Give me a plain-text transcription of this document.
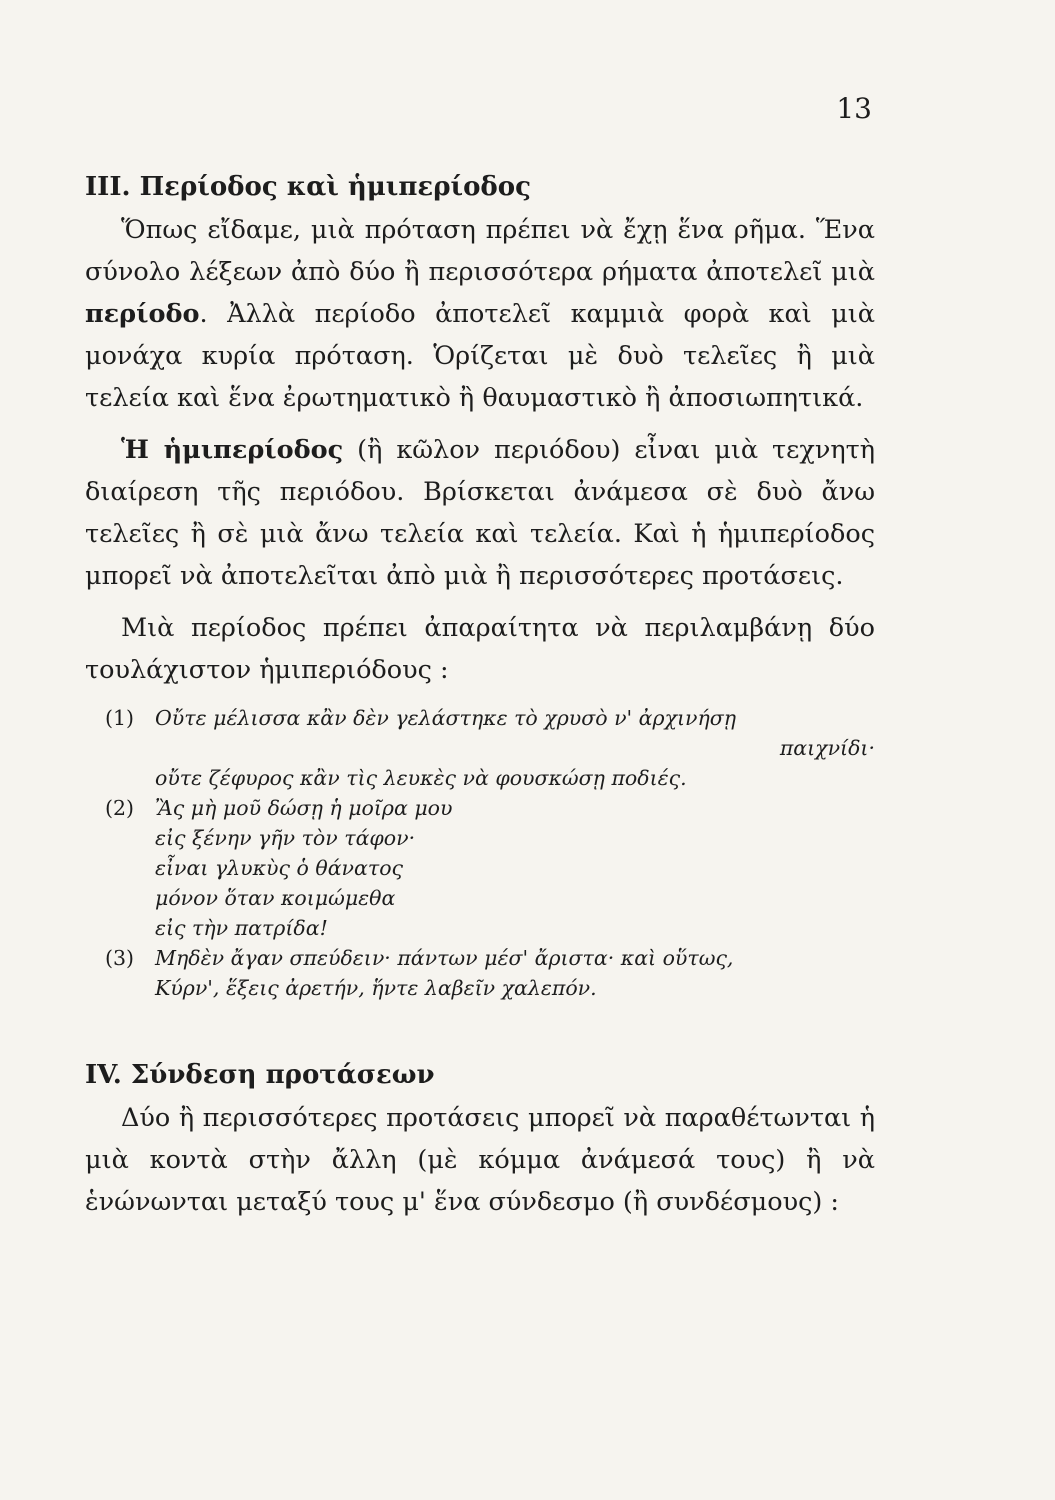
13
III. Περίοδος καὶ ἡμιπερίοδος

Ὅπως εἴδαμε, μιὰ πρόταση πρέπει νὰ ἔχῃ ἕνα ρῆμα. Ἕνα σύνολο λέξεων ἀπὸ δύο ἢ περισσότερα ρήματα ἀποτελεῖ μιὰ περίοδο. Ἀλλὰ περίοδο ἀποτελεῖ καμμιὰ φορὰ καὶ μιὰ μονάχα κυρία πρόταση. Ὁρίζεται μὲ δυὸ τελεῖες ἢ μιὰ τελεία καὶ ἕνα ἐρωτηματικὸ ἢ θαυμαστικὸ ἢ ἀποσιωπητικά.

Ἡ ἡμιπερίοδος (ἢ κῶλον περιόδου) εἶναι μιὰ τεχνητὴ διαίρεση τῆς περιόδου. Βρίσκεται ἀνάμεσα σὲ δυὸ ἄνω τελεῖες ἢ σὲ μιὰ ἄνω τελεία καὶ τελεία. Καὶ ἡ ἡμιπερίοδος μπορεῖ νὰ ἀποτελεῖται ἀπὸ μιὰ ἢ περισσότερες προτάσεις.

Μιὰ περίοδος πρέπει ἀπαραίτητα νὰ περιλαμβάνῃ δύο τουλάχιστον ἡμιπεριόδους :

(1)	Οὔτε μέλισσα κἂν δὲν γελάστηκε τὸ χρυσὸ ν' ἀρχινήσῃ
παιχνίδι·
οὔτε ζέφυρος κἂν τὶς λευκὲς νὰ φουσκώσῃ ποδιές.
(2)	Ἂς μὴ μοῦ δώσῃ ἡ μοῖρα μου
εἰς ξένην γῆν τὸν τάφον·
εἶναι γλυκὺς ὁ θάνατος
μόνον ὅταν κοιμώμεθα
εἰς τὴν πατρίδα!
(3)	Μηδὲν ἄγαν σπεύδειν· πάντων μέσ' ἄριστα· καὶ οὕτως,
Κύρν', ἕξεις ἀρετήν, ἥντε λαβεῖν χαλεπόν.
IV. Σύνδεση προτάσεων

Δύο ἢ περισσότερες προτάσεις μπορεῖ νὰ παραθέτωνται ἡ μιὰ κοντὰ στὴν ἄλλη (μὲ κόμμα ἀνάμεσά τους) ἢ νὰ ἑνώνωνται μεταξύ τους μ' ἕνα σύνδεσμο (ἢ συνδέσμους) :
